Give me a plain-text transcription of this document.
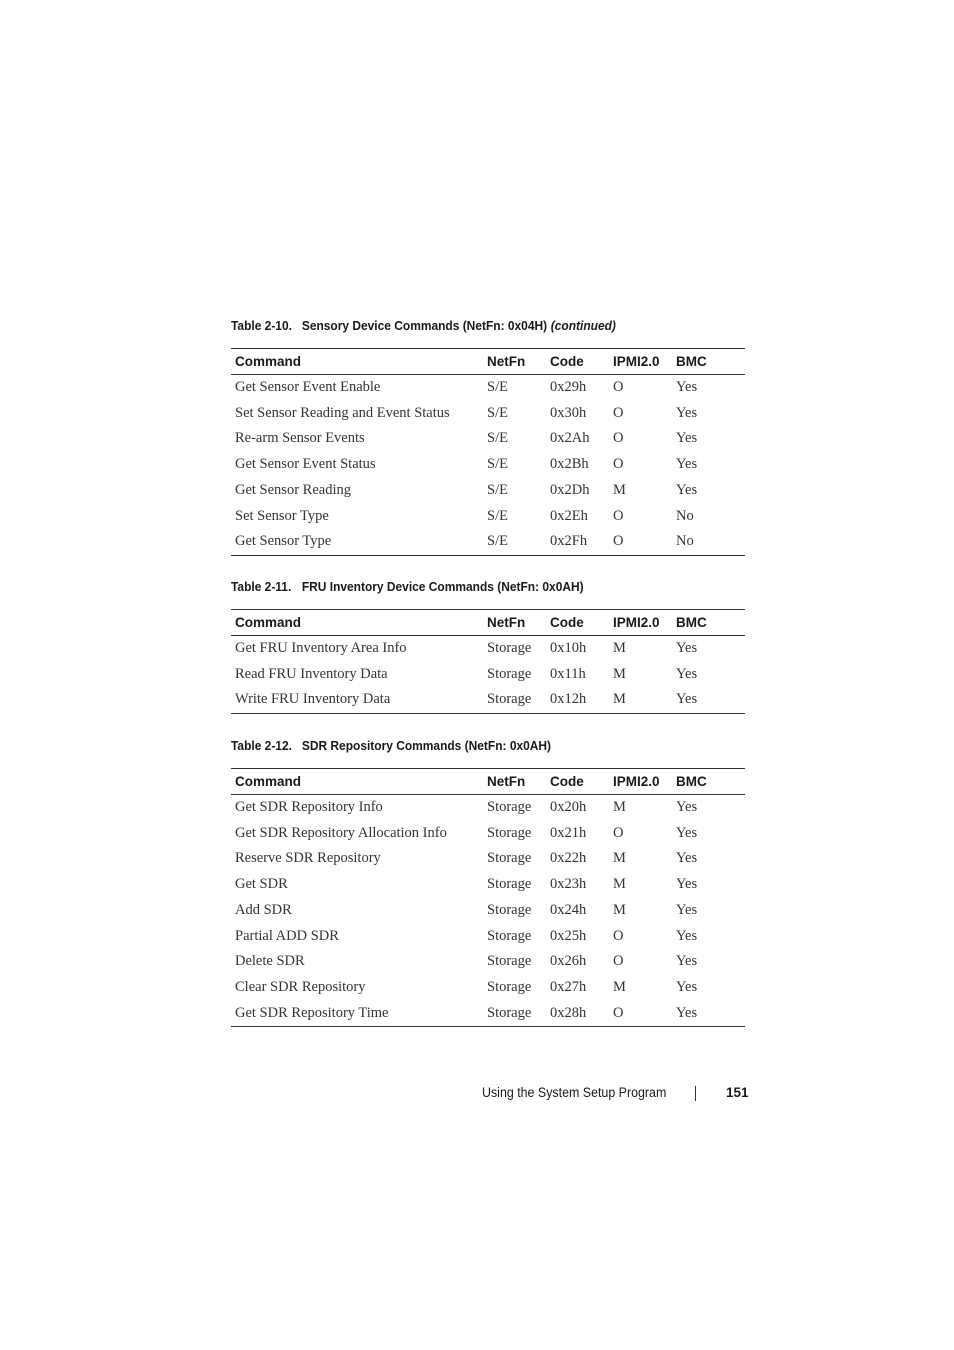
Table 2-10. Sensory Device Commands (NetFn: 0x04H) (continued)
Command	NetFn	Code	IPMI2.0	BMC
Get Sensor Event Enable	S/E	0x29h	O	Yes
Set Sensor Reading and Event Status	S/E	0x30h	O	Yes
Re-arm Sensor Events	S/E	0x2Ah	O	Yes
Get Sensor Event Status	S/E	0x2Bh	O	Yes
Get Sensor Reading	S/E	0x2Dh	M	Yes
Set Sensor Type	S/E	0x2Eh	O	No
Get Sensor Type	S/E	0x2Fh	O	No
Table 2-11. FRU Inventory Device Commands (NetFn: 0x0AH)
Command	NetFn	Code	IPMI2.0	BMC
Get FRU Inventory Area Info	Storage	0x10h	M	Yes
Read FRU Inventory Data	Storage	0x11h	M	Yes
Write FRU Inventory Data	Storage	0x12h	M	Yes
Table 2-12. SDR Repository Commands (NetFn: 0x0AH)
Command	NetFn	Code	IPMI2.0	BMC
Get SDR Repository Info	Storage	0x20h	M	Yes
Get SDR Repository Allocation Info	Storage	0x21h	O	Yes
Reserve SDR Repository	Storage	0x22h	M	Yes
Get SDR	Storage	0x23h	M	Yes
Add SDR	Storage	0x24h	M	Yes
Partial ADD SDR	Storage	0x25h	O	Yes
Delete SDR	Storage	0x26h	O	Yes
Clear SDR Repository	Storage	0x27h	M	Yes
Get SDR Repository Time	Storage	0x28h	O	Yes
Using the System Setup Program	151
